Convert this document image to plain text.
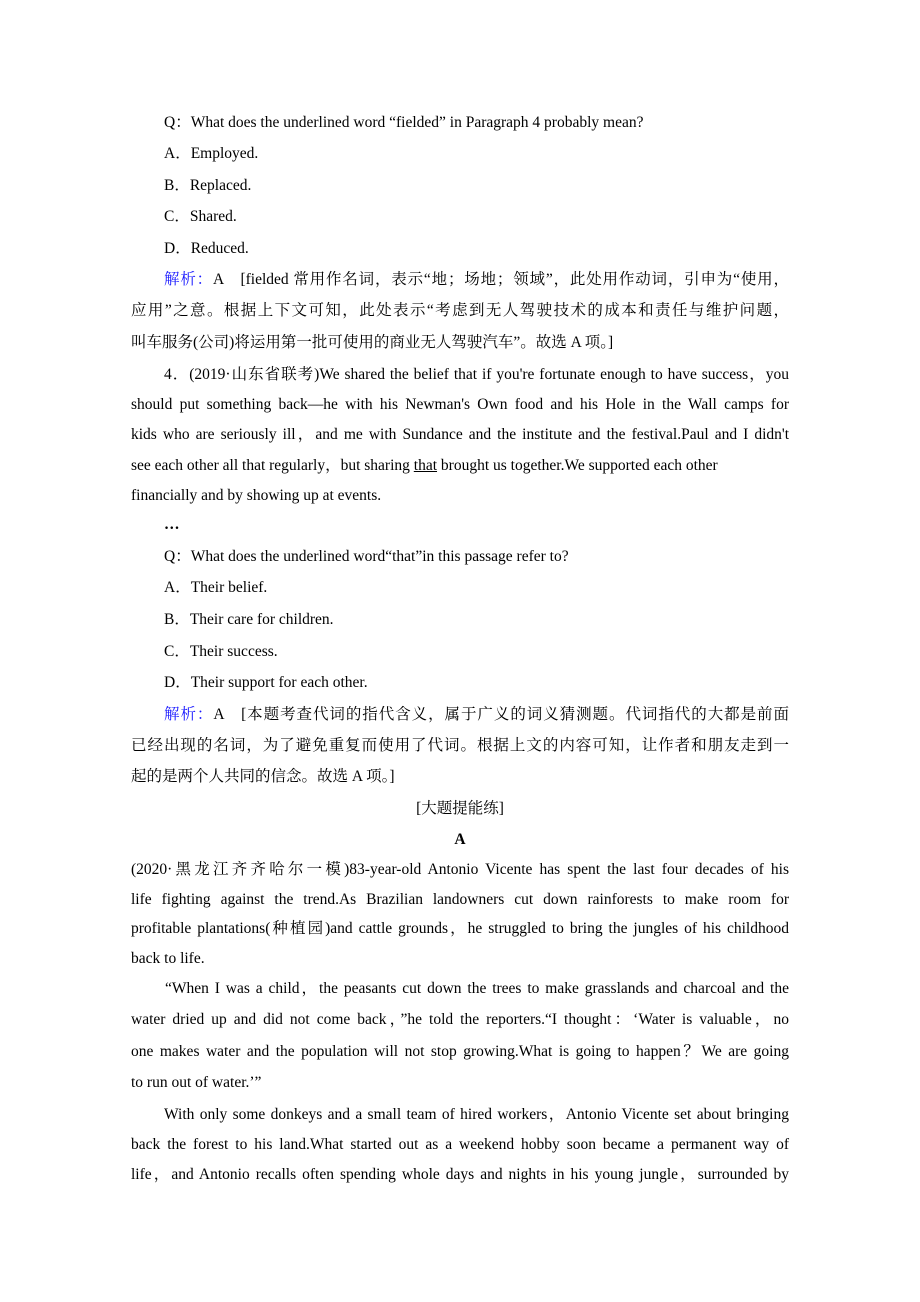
Q：What does the underlined word “fielded” in Paragraph 4 probably mean?
A．Employed.
B．Replaced.
C．Shared.
D．Reduced.
解析：A　[fielded 常用作名词，表示“地；场地；领域”，此处用作动词，引申为“使用，
应用”之意。根据上下文可知，此处表示“考虑到无人驾驶技术的成本和责任与维护问题，
叫车服务(公司)将运用第一批可使用的商业无人驾驶汽车”。故选 A 项。]
4．(2019·山东省联考)We shared the belief that if you're fortunate enough to have success，you
should put something back—he with his Newman's Own food and his Hole in the Wall camps for
kids who are seriously ill，and me with Sundance and the institute and the festival.Paul and I didn't
see each other all that regularly，but sharing that brought us together.We supported each other
financially and by showing up at events.
…
Q：What does the underlined word“that”in this passage refer to?
A．Their belief.
B．Their care for children.
C．Their success.
D．Their support for each other.
解析：A　[本题考查代词的指代含义，属于广义的词义猜测题。代词指代的大都是前面
已经出现的名词，为了避免重复而使用了代词。根据上文的内容可知，让作者和朋友走到一
起的是两个人共同的信念。故选 A 项。]
[大题提能练]
A
(2020·黑龙江齐齐哈尔一模)83-year-old Antonio Vicente has spent the last four decades of his
life fighting against the trend.As Brazilian landowners cut down rainforests to make room for
profitable plantations(种植园)and cattle grounds，he struggled to bring the jungles of his childhood
back to life.
“When I was a child，the peasants cut down the trees to make grasslands and charcoal and the
water dried up and did not come back，”he told the reporters.“I thought：‘Water is valuable，no
one makes water and the population will not stop growing.What is going to happen？We are going
to run out of water.’”
With only some donkeys and a small team of hired workers，Antonio Vicente set about bringing
back the forest to his land.What started out as a weekend hobby soon became a permanent way of
life，and Antonio recalls often spending whole days and nights in his young jungle，surrounded by
